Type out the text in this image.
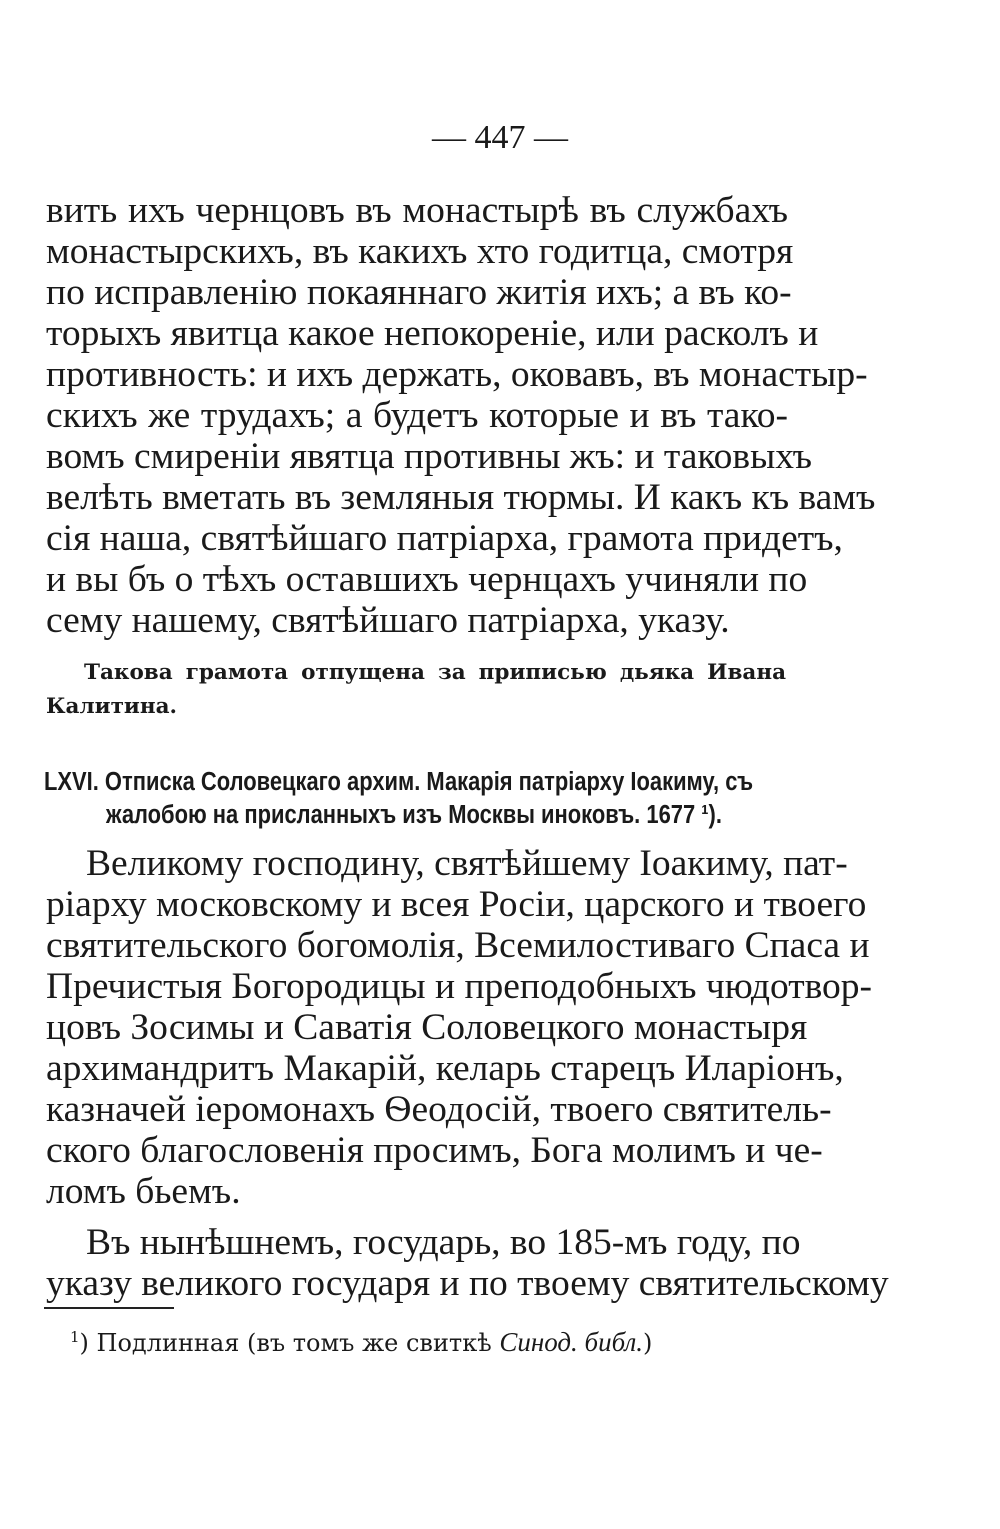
— 447 —
вить ихъ чернцовъ въ монастырѣ въ службахъ
монастырскихъ, въ какихъ хто годитца, смотря
по исправленiю покаяннаго житiя ихъ; а въ ко-
торыхъ явитца какое непокоренiе, или расколъ и
противность: и ихъ держать, оковавъ, въ монастыр-
скихъ же трудахъ; а будетъ которые и въ тако-
вомъ смиренiи явятца противны жъ: и таковыхъ
велѣть вметать въ земляныя тюрмы. И какъ къ вамъ
сiя наша, святѣйшаго патрiарха, грамота придетъ,
и вы бъ о тѣхъ оставшихъ чернцахъ учиняли по
сему нашему, святѣйшаго патрiарха, указу.
Такова грамота отпущена за приписью дьяка Ивана
Калитина.
LXVI. Отписка Соловецкаго архим. Макарiя патрiарху Iоакиму, съ
жалобою на присланныхъ изъ Москвы иноковъ. 1677 ¹).
Великому господину, святѣйшему Iоакиму, пат-
рiарху московскому и всея Росiи, царского и твоего
святительского богомолiя, Всемилостиваго Спаса и
Пречистыя Богородицы и преподобныхъ чюдотвор-
цовъ Зосимы и Саватiя Соловецкого монастыря
архимандритъ Макарiй, келарь старецъ Иларiонъ,
казначей iеромонахъ Ѳеодосiй, твоего святитель-
ского благословенiя просимъ, Бога молимъ и че-
ломъ бьемъ.
Въ нынѣшнемъ, государь, во 185-мъ году, по
указу великого государя и по твоему святительскому
$^1$) Подлинная (въ томъ же свиткѣ Синод. библ.)
